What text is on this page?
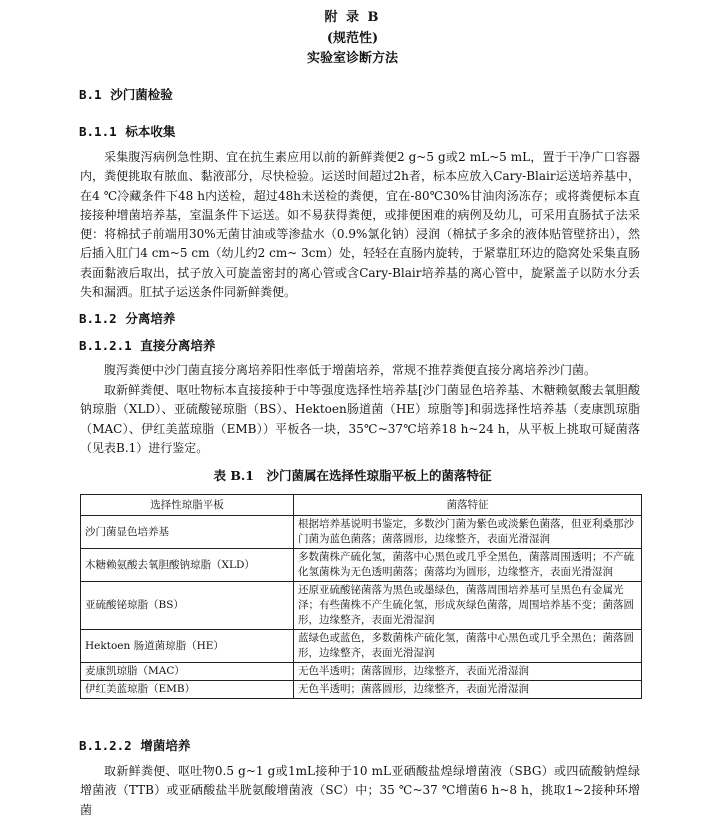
附 录 B
(规范性)
实验室诊断方法
B.1 沙门菌检验
B.1.1 标本收集

采集腹泻病例急性期、宜在抗生素应用以前的新鲜粪便2 g~5 g或2 mL~5 mL，置于干净广口容器内，粪便挑取有脓血、黏液部分，尽快检验。运送时间超过2h者，标本应放入Cary-Blair运送培养基中，在4 ℃冷藏条件下48 h内送检，超过48h未送检的粪便，宜在-80℃30%甘油肉汤冻存；或将粪便标本直接接种增菌培养基，室温条件下运送。如不易获得粪便，或排便困难的病例及幼儿，可采用直肠拭子法采便：将棉拭子前端用30%无菌甘油或等渗盐水（0.9%氯化钠）浸润（棉拭子多余的液体贴管壁挤出），然后插入肛门4 cm~5 cm（幼儿约2 cm~ 3cm）处，轻轻在直肠内旋转，于紧靠肛环边的隐窝处采集直肠表面黏液后取出，拭子放入可旋盖密封的离心管或含Cary-Blair培养基的离心管中，旋紧盖子以防水分丢失和漏洒。肛拭子运送条件同新鲜粪便。

B.1.2 分离培养
B.1.2.1 直接分离培养

腹泻粪便中沙门菌直接分离培养阳性率低于增菌培养，常规不推荐粪便直接分离培养沙门菌。

取新鲜粪便、呕吐物标本直接接种于中等强度选择性培养基[沙门菌显色培养基、木糖赖氨酸去氧胆酸钠琼脂（XLD）、亚硫酸铋琼脂（BS）、Hektoen肠道菌（HE）琼脂等]和弱选择性培养基（麦康凯琼脂（MAC）、伊红美蓝琼脂（EMB））平板各一块，35℃~37℃培养18 h~24 h，从平板上挑取可疑菌落（见表B.1）进行鉴定。

表 B.1　沙门菌属在选择性琼脂平板上的菌落特征
选择性琼脂平板	菌落特征
沙门菌显色培养基	根据培养基说明书鉴定，多数沙门菌为紫色或淡紫色菌落，但亚利桑那沙门菌为蓝色菌落；菌落圆形，边缘整齐，表面光滑湿润
木糖赖氨酸去氧胆酸钠琼脂（XLD）	多数菌株产硫化氢，菌落中心黑色或几乎全黑色，菌落周围透明；不产硫化氢菌株为无色透明菌落；菌落均为圆形，边缘整齐，表面光滑湿润
亚硫酸铋琼脂（BS）	还原亚硫酸铋菌落为黑色或墨绿色，菌落周围培养基可呈黑色有金属光泽；有些菌株不产生硫化氢，形成灰绿色菌落，周围培养基不变；菌落圆形，边缘整齐，表面光滑湿润
Hektoen 肠道菌琼脂（HE）	蓝绿色或蓝色，多数菌株产硫化氢，菌落中心黑色或几乎全黑色；菌落圆形，边缘整齐，表面光滑湿润
麦康凯琼脂（MAC）	无色半透明；菌落圆形，边缘整齐，表面光滑湿润
伊红美蓝琼脂（EMB）	无色半透明；菌落圆形，边缘整齐，表面光滑湿润
B.1.2.2 增菌培养

取新鲜粪便、呕吐物0.5 g~1 g或1mL接种于10 mL亚硒酸盐煌绿增菌液（SBG）或四硫酸钠煌绿增菌液（TTB）或亚硒酸盐半胱氨酸增菌液（SC）中；35 ℃~37 ℃增菌6 h~8 h，挑取1~2接种环增菌
